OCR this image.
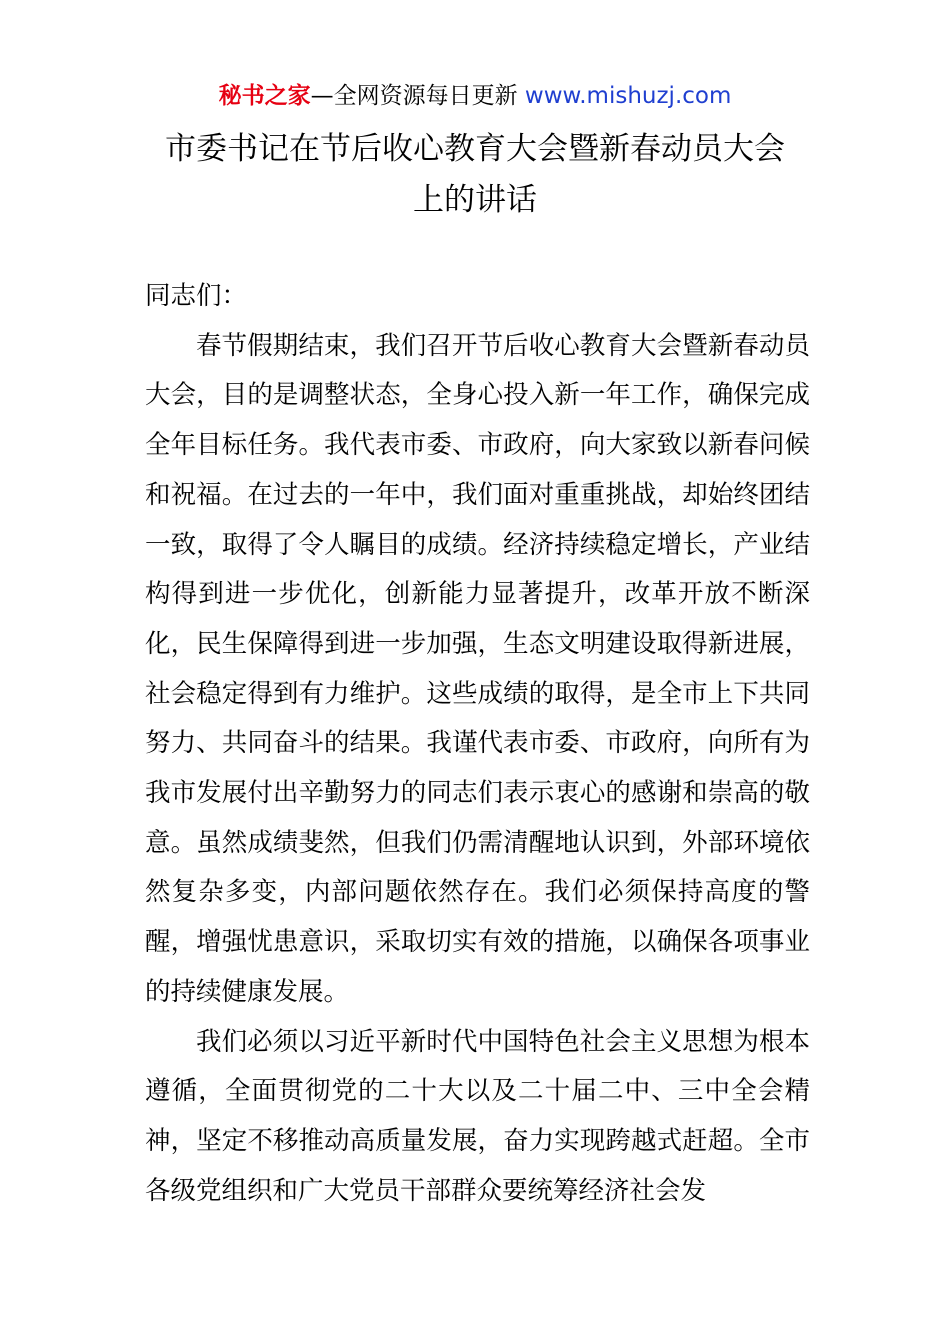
秘书之家—全网资源每日更新 www.mishuzj.com
市委书记在节后收心教育大会暨新春动员大会
上的讲话

同志们：

春节假期结束，我们召开节后收心教育大会暨新春动员大会，目的是调整状态，全身心投入新一年工作，确保完成全年目标任务。我代表市委、市政府，向大家致以新春问候和祝福。在过去的一年中，我们面对重重挑战，却始终团结一致，取得了令人瞩目的成绩。经济持续稳定增长，产业结构得到进一步优化，创新能力显著提升，改革开放不断深化，民生保障得到进一步加强，生态文明建设取得新进展，社会稳定得到有力维护。这些成绩的取得，是全市上下共同努力、共同奋斗的结果。我谨代表市委、市政府，向所有为我市发展付出辛勤努力的同志们表示衷心的感谢和崇高的敬意。虽然成绩斐然，但我们仍需清醒地认识到，外部环境依然复杂多变，内部问题依然存在。我们必须保持高度的警醒，增强忧患意识，采取切实有效的措施，以确保各项事业的持续健康发展。

我们必须以习近平新时代中国特色社会主义思想为根本遵循，全面贯彻党的二十大以及二十届二中、三中全会精神，坚定不移推动高质量发展，奋力实现跨越式赶超。全市各级党组织和广大党员干部群众要统筹经济社会发
